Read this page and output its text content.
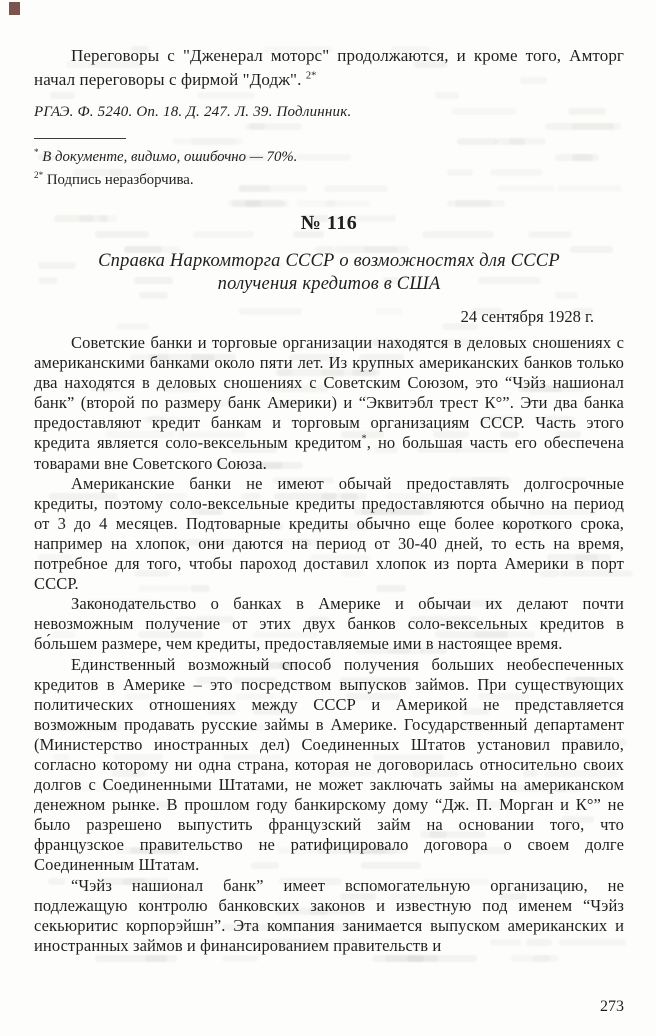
Переговоры с "Дженерал моторс" продолжаются, и кроме того, Амторг начал переговоры с фирмой "Додж". $^{2*}$

РГАЭ. Ф. 5240. Оп. 18. Д. 247. Л. 39. Подлинник.

* В документе, видимо, ошибочно — 70%.

$^{2*}$ Подпись неразборчива.

№ 116
Справка Наркомторга СССР о возможностях для СССР
получения кредитов в США

24 сентября 1928 г.

Советские банки и торговые организации находятся в деловых сношениях с американскими банками около пяти лет. Из крупных американских банков только два находятся в деловых сношениях с Советским Союзом, это “Чэйз нашионал банк” (второй по размеру банк Америки) и “Эквитэбл трест К°”. Эти два банка предоставляют кредит банкам и торговым организациям СССР. Часть этого кредита является соло-вексельным кредитом*, но большая часть его обеспечена товарами вне Советского Союза.

Американские банки не имеют обычай предоставлять долгосрочные кредиты, поэтому соло-вексельные кредиты предоставляются обычно на период от 3 до 4 месяцев. Подтоварные кредиты обычно еще более короткого срока, например на хлопок, они даются на период от 30-40 дней, то есть на время, потребное для того, чтобы пароход доставил хлопок из порта Америки в порт СССР.

Законодательство о банках в Америке и обычаи их делают почти невозможным получение от этих двух банков соло-вексельных кредитов в бо́льшем размере, чем кредиты, предоставляемые ими в настоящее время.

Единственный возможный способ получения больших необеспеченных кредитов в Америке – это посредством выпусков займов. При существующих политических отношениях между СССР и Америкой не представляется возможным продавать русские займы в Америке. Государственный департамент (Министерство иностранных дел) Соединенных Штатов установил правило, согласно которому ни одна страна, которая не договорилась относительно своих долгов с Соединенными Штатами, не может заключать займы на американском денежном рынке. В прошлом году банкирскому дому “Дж. П. Морган и К°” не было разрешено выпустить французский займ на основании того, что французское правительство не ратифицировало договора о своем долге Соединенным Штатам.

“Чэйз нашионал банк” имеет вспомогательную организацию, не подлежащую контролю банковских законов и известную под именем “Чэйз секьюритис корпорэйшн”. Эта компания занимается выпуском американских и иностранных займов и финансированием правительств и

273
